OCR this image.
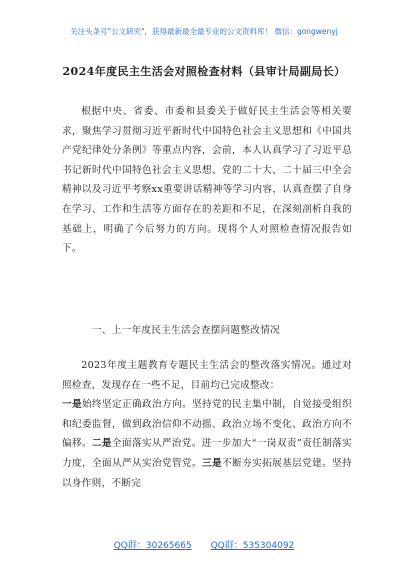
关注头条号"公文研究"，获得最新最全最专业的公文资料库！ 微信：gongwenyj
2024年度民主生活会对照检查材料（县审计局副局长）
根据中央、省委、市委和县委关于做好民主生活会等相关要求，聚焦学习贯彻习近平新时代中国特色社会主义思想和《中国共产党纪律处分条例》等重点内容，会前，本人认真学习了习近平总书记新时代中国特色社会主义思想、党的二十大、二十届三中全会精神以及习近平考察xx重要讲话精神等学习内容，认真查摆了自身在学习、工作和生活等方面存在的差距和不足，在深刻剖析自我的基础上，明确了今后努力的方向。现将个人对照检查情况报告如下。
一、上一年度民主生活会查摆问题整改情况
2023年度主题教育专题民主生活会的整改落实情况。通过对照检查，发现存在一些不足，目前均已完成整改：
一是始终坚定正确政治方向。坚持党的民主集中制，自觉接受组织和纪委监督，做到政治信仰不动摇、政治立场不变化、政治方向不偏移。二是全面落实从严治党。进一步加大“一岗双责”责任制落实力度，全面从严从实治党管党。三是不断夯实拓展基层党建。坚持以身作则，不断完
QQ群：30265665 QQ群：535304092
